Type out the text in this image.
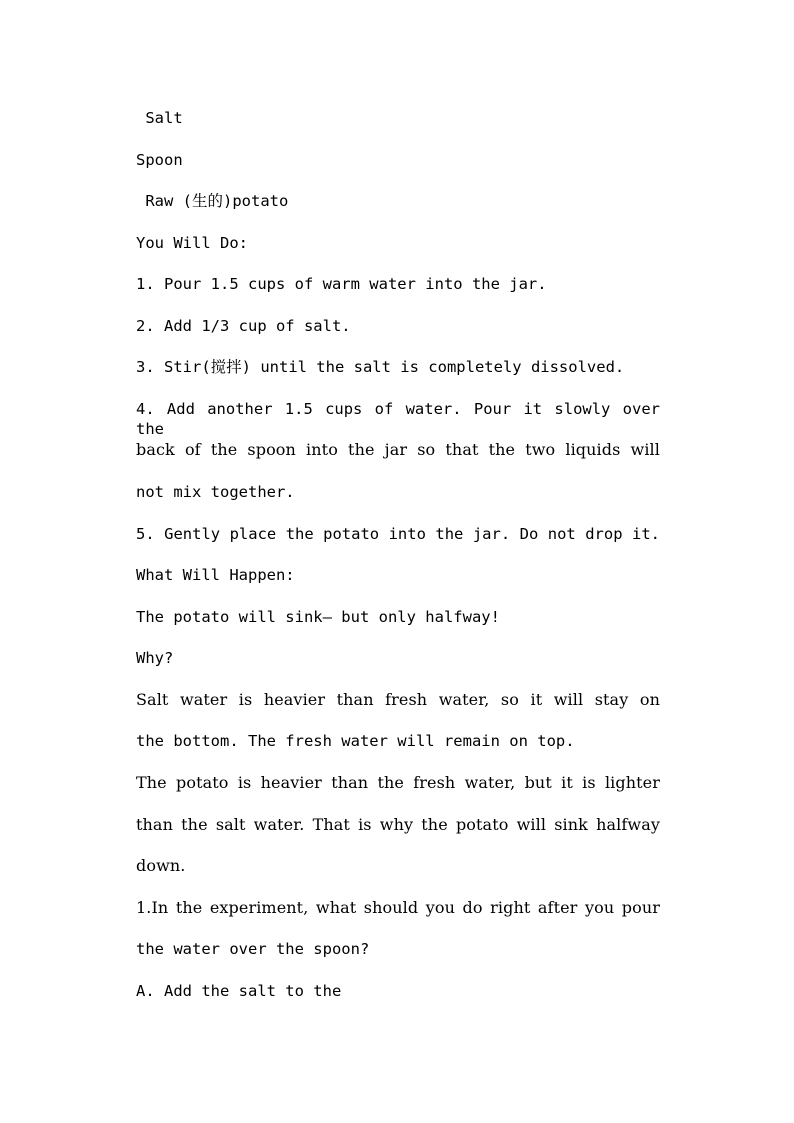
Salt
Spoon
Raw (生的)potato
You Will Do:
1. Pour 1.5 cups of warm water into the jar.
2. Add 1/3 cup of salt.
3. Stir(搅拌) until the salt is completely dissolved.
4. Add another 1.5 cups of water. Pour it slowly over the
back of the spoon into the jar so that the two liquids will
not mix together.
5. Gently place the potato into the jar. Do not drop it.
What Will Happen:
The potato will sink— but only halfway!
Why?
Salt water is heavier than fresh water, so it will stay on
the bottom. The fresh water will remain on top.
The potato is heavier than the fresh water, but it is lighter
than the salt water. That is why the potato will sink halfway
down.
1.In the experiment, what should you do right after you pour
the water over the spoon?
A. Add the salt to the
